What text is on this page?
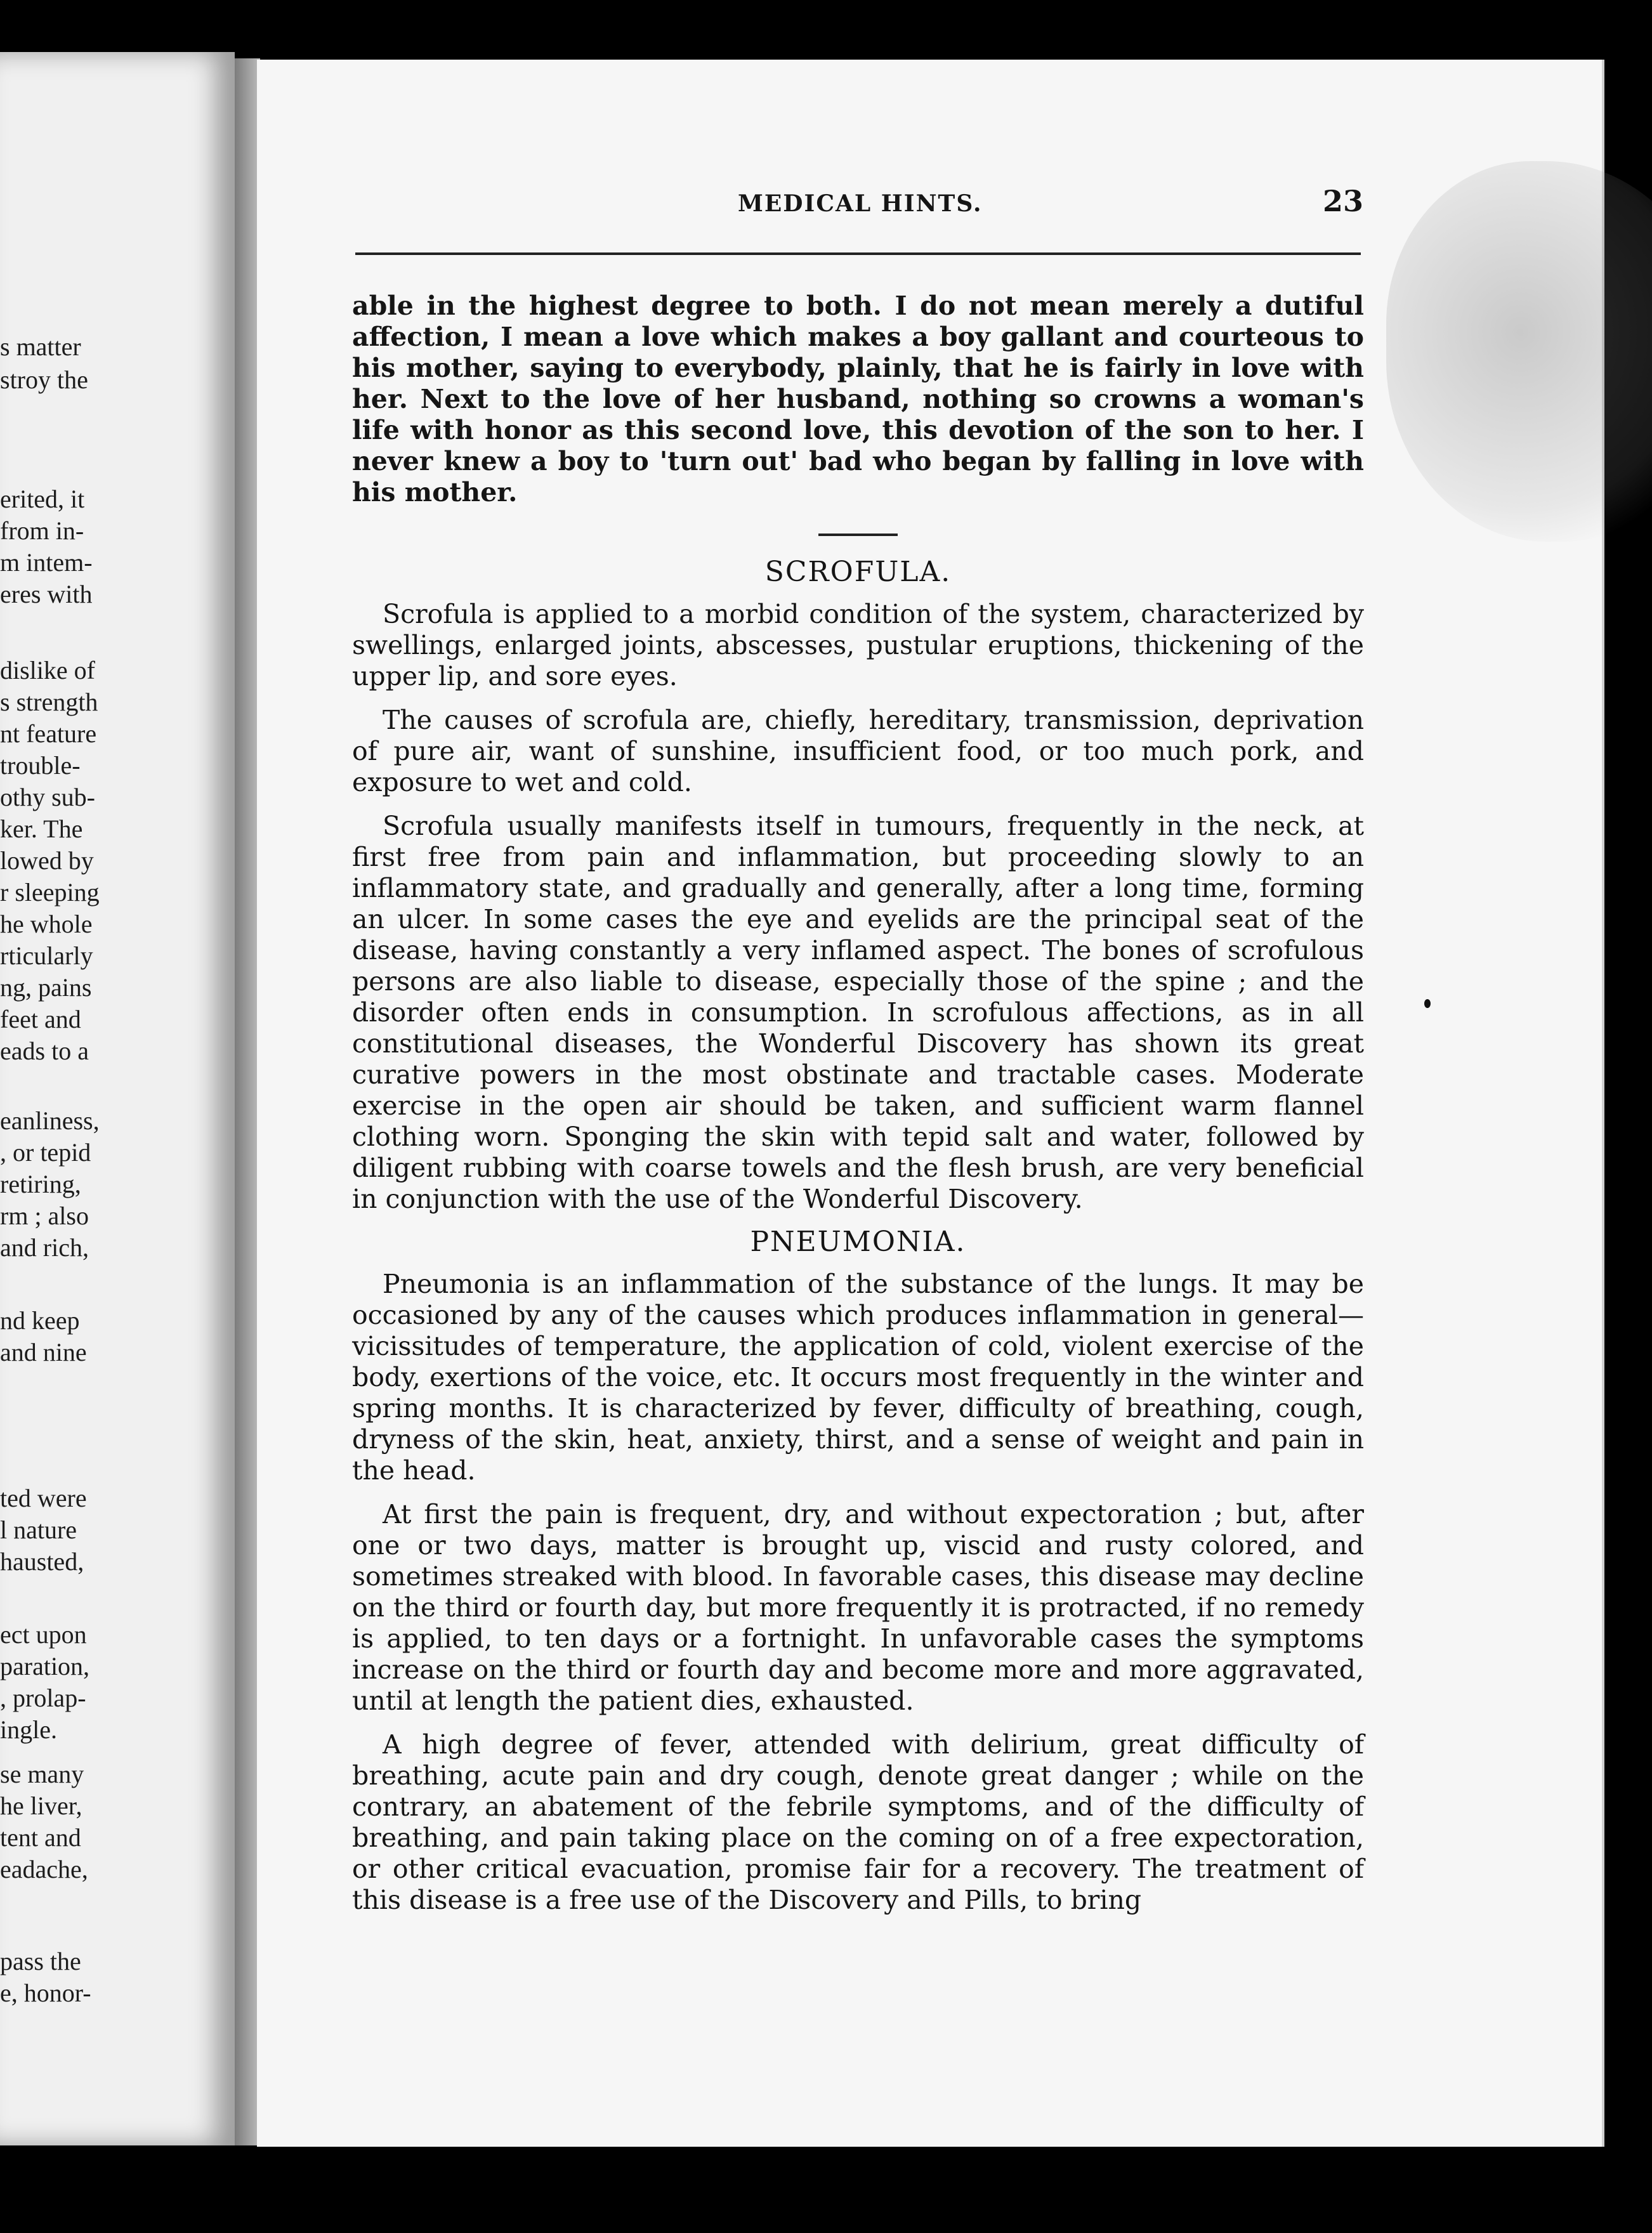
s matter
stroy the
erited, it
from in-
m intem-
eres with
dislike of
s strength
nt feature
trouble-
othy sub-
ker. The
lowed by
r sleeping
he whole
rticularly
ng, pains
feet and
eads to a
eanliness,
, or tepid
retiring,
rm ; also
and rich,
nd keep
and nine
ted were
l nature
hausted,
ect upon
paration,
, prolap-
ingle.
se many
he liver,
tent and
eadache,
pass the
e, honor-
MEDICAL HINTS.	23

able in the highest degree to both. I do not mean merely a dutiful affection, I mean a love which makes a boy gallant and courteous to his mother, saying to everybody, plainly, that he is fairly in love with her. Next to the love of her husband, nothing so crowns a woman's life with honor as this second love, this devotion of the son to her. I never knew a boy to 'turn out' bad who began by falling in love with his mother.

SCROFULA.

Scrofula is applied to a morbid condition of the system, characterized by swellings, enlarged joints, abscesses, pustular eruptions, thickening of the upper lip, and sore eyes.

The causes of scrofula are, chiefly, hereditary, transmission, deprivation of pure air, want of sunshine, insufficient food, or too much pork, and exposure to wet and cold.

Scrofula usually manifests itself in tumours, frequently in the neck, at first free from pain and inflammation, but proceeding slowly to an inflammatory state, and gradually and generally, after a long time, forming an ulcer. In some cases the eye and eyelids are the principal seat of the disease, having constantly a very inflamed aspect. The bones of scrofulous persons are also liable to disease, especially those of the spine ; and the disorder often ends in consumption. In scrofulous affections, as in all constitutional diseases, the Wonderful Discovery has shown its great curative powers in the most obstinate and tractable cases. Moderate exercise in the open air should be taken, and sufficient warm flannel clothing worn. Sponging the skin with tepid salt and water, followed by diligent rubbing with coarse towels and the flesh brush, are very beneficial in conjunction with the use of the Wonderful Discovery.

PNEUMONIA.

Pneumonia is an inflammation of the substance of the lungs. It may be occasioned by any of the causes which produces inflammation in general—vicissitudes of temperature, the application of cold, violent exercise of the body, exertions of the voice, etc. It occurs most frequently in the winter and spring months. It is characterized by fever, difficulty of breathing, cough, dryness of the skin, heat, anxiety, thirst, and a sense of weight and pain in the head.

At first the pain is frequent, dry, and without expectoration ; but, after one or two days, matter is brought up, viscid and rusty colored, and sometimes streaked with blood. In favorable cases, this disease may decline on the third or fourth day, but more frequently it is protracted, if no remedy is applied, to ten days or a fortnight. In unfavorable cases the symptoms increase on the third or fourth day and become more and more aggravated, until at length the patient dies, exhausted.

A high degree of fever, attended with delirium, great difficulty of breathing, acute pain and dry cough, denote great danger ; while on the contrary, an abatement of the febrile symptoms, and of the difficulty of breathing, and pain taking place on the coming on of a free expectoration, or other critical evacuation, promise fair for a recovery. The treatment of this disease is a free use of the Discovery and Pills, to bring
